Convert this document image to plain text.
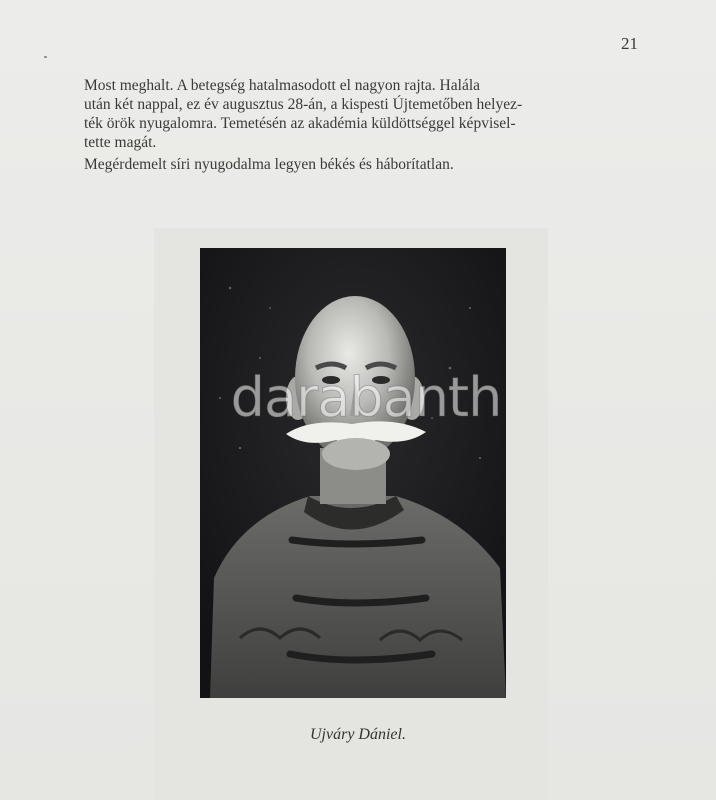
21
Most meghalt. A betegség hatalmasodott el nagyon rajta. Halála
után két nappal, ez év augusztus 28-án, a kispesti Újtemetőben helyez-
ték örök nyugalomra. Temetésén az akadémia küldöttséggel képvisel-
tette magát.

Megérdemelt síri nyugodalma legyen békés és háborítatlan.

darabanth
Ujváry Dániel.
